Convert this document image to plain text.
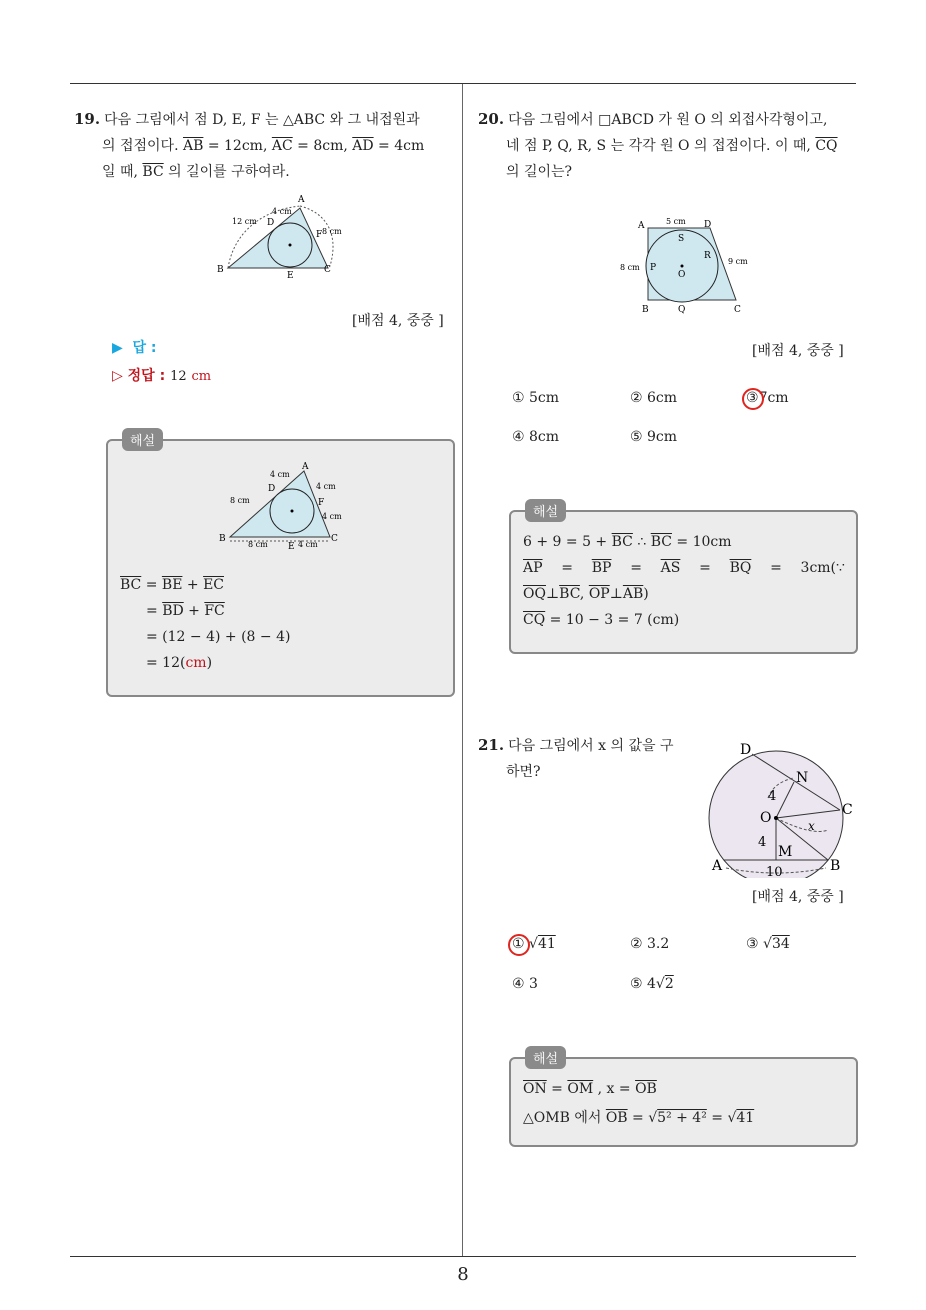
8
19. 다음 그림에서 점 D, E, F 는 △ABC 와 그 내접원과
의 접점이다. $\overline{AB} = 12cm$, $\overline{AC} = 8cm$, $\overline{AD} = 4cm$
일 때, $\overline{BC}$ 의 길이를 구하여라.
A
B	C
D
E
F
12 cm
4 cm
8 cm
[배점 4, 중중 ]
▶ 답 :
▷ 정답 : 12 cm
해설
A
B	C
D
E
F
4 cm
8 cm
4 cm
4 cm
8 cm	4 cm
$\overline{BC} = \overline{BE} + \overline{EC}$
= $\overline{BD} + \overline{FC}$
= (12 − 4) + (8 − 4)
= 12(cm)
20. 다음 그림에서 □ABCD 가 원 O 의 외접사각형이고,
네 점 P, Q, R, S 는 각각 원 O 의 접점이다. 이 때, $\overline{CQ}$
의 길이는?
A	D
5 cm
S
P
8 cm
O
R
9 cm
B	Q	C
[배점 4, 중중 ]
① 5cm	② 6cm	③7cm
④ 8cm	⑤ 9cm
해설
$6 + 9 = 5 + \overline{BC}$ ∴ $\overline{BC} = 10cm$
$\overline{AP} = \overline{BP} = \overline{AS} = \overline{BQ}$ = 3cm(∵
$\overline{OQ}\perp\overline{BC}$, $\overline{OP}\perp\overline{AB}$)
$\overline{CQ} = 10 - 3 = 7$ (cm)
21. 다음 그림에서 x 의 값을 구
하면?
D
N
C
O
4
4
M
x
A	B
10
[배점 4, 중중 ]
① √41	② 3.2	③ √34
④ 3	⑤ 4√2
해설
$\overline{ON} = \overline{OM}$ , $x = \overline{OB}$
△OMB 에서 $\overline{OB} = √5^2 + 4^2 = √41$
